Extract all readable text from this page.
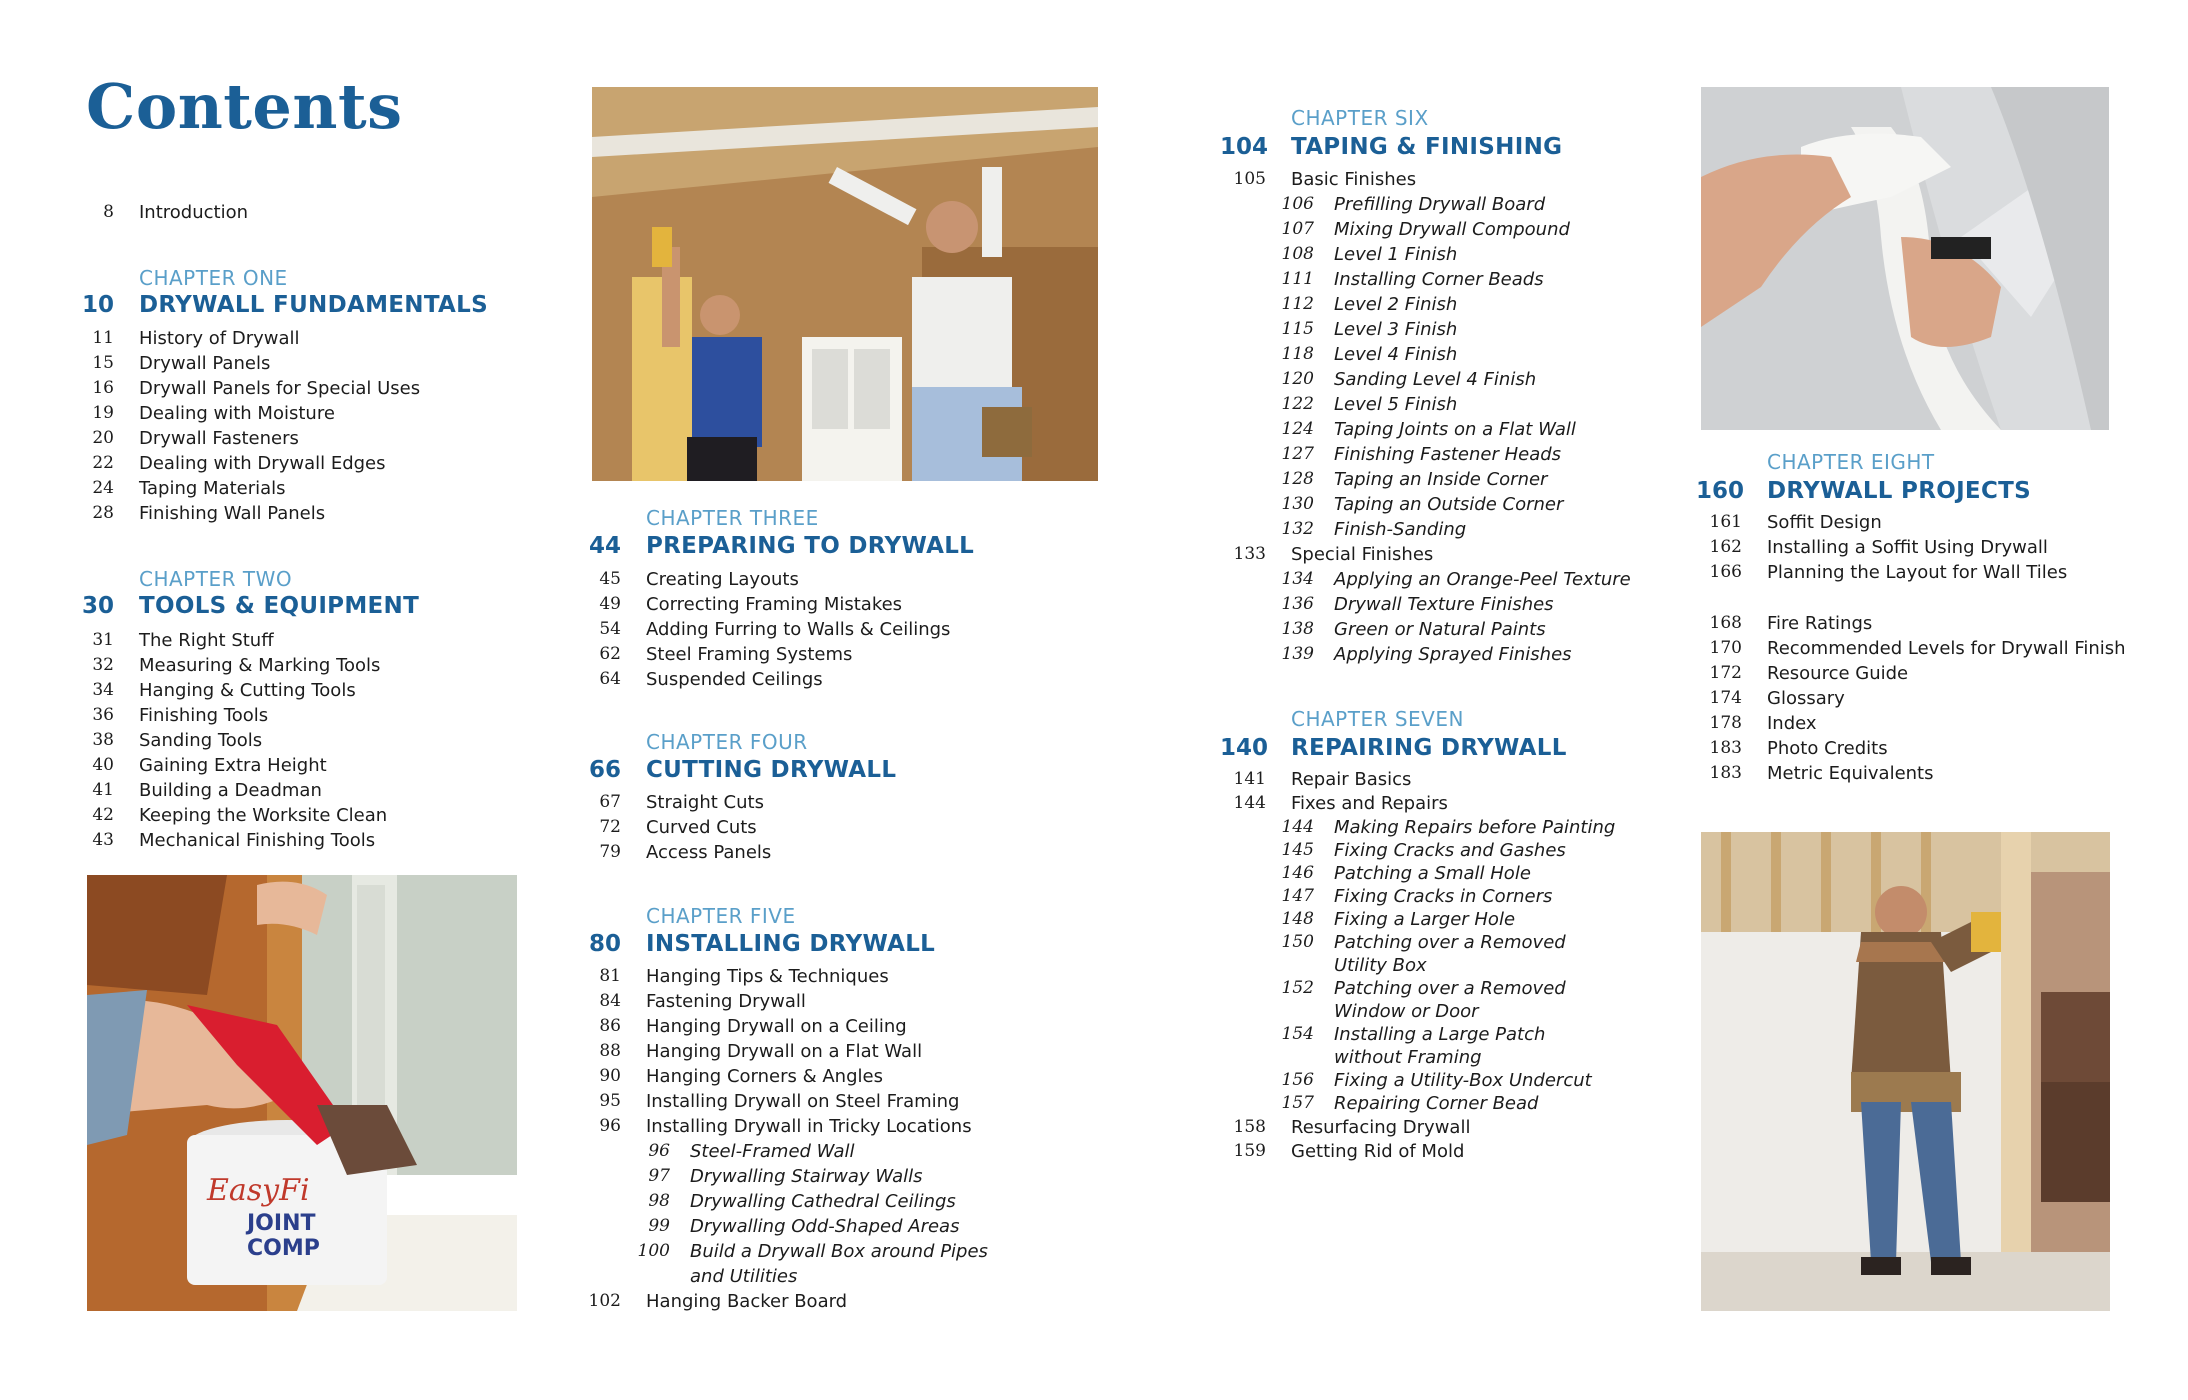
Contents
8 Introduction
CHAPTER ONE
10 DRYWALL FUNDAMENTALS
11 History of Drywall
15 Drywall Panels
16 Drywall Panels for Special Uses
19 Dealing with Moisture
20 Drywall Fasteners
22 Dealing with Drywall Edges
24 Taping Materials
28 Finishing Wall Panels
CHAPTER TWO
30 TOOLS & EQUIPMENT
31 The Right Stuff
32 Measuring & Marking Tools
34 Hanging & Cutting Tools
36 Finishing Tools
38 Sanding Tools
40 Gaining Extra Height
41 Building a Deadman
42 Keeping the Worksite Clean
43 Mechanical Finishing Tools
EasyFi
JOINT
COMP
CHAPTER THREE
44 PREPARING TO DRYWALL
45 Creating Layouts
49 Correcting Framing Mistakes
54 Adding Furring to Walls & Ceilings
62 Steel Framing Systems
64 Suspended Ceilings
CHAPTER FOUR
66 CUTTING DRYWALL
67 Straight Cuts
72 Curved Cuts
79 Access Panels
CHAPTER FIVE
80 INSTALLING DRYWALL
81 Hanging Tips & Techniques
84 Fastening Drywall
86 Hanging Drywall on a Ceiling
88 Hanging Drywall on a Flat Wall
90 Hanging Corners & Angles
95 Installing Drywall on Steel Framing
96 Installing Drywall in Tricky Locations
96 Steel-Framed Wall
97 Drywalling Stairway Walls
98 Drywalling Cathedral Ceilings
99 Drywalling Odd-Shaped Areas
100 Build a Drywall Box around Pipes
and Utilities
102 Hanging Backer Board
CHAPTER SIX
104 TAPING & FINISHING
105 Basic Finishes
106 Prefilling Drywall Board
107 Mixing Drywall Compound
108 Level 1 Finish
111 Installing Corner Beads
112 Level 2 Finish
115 Level 3 Finish
118 Level 4 Finish
120 Sanding Level 4 Finish
122 Level 5 Finish
124 Taping Joints on a Flat Wall
127 Finishing Fastener Heads
128 Taping an Inside Corner
130 Taping an Outside Corner
132 Finish-Sanding
133 Special Finishes
134 Applying an Orange-Peel Texture
136 Drywall Texture Finishes
138 Green or Natural Paints
139 Applying Sprayed Finishes
CHAPTER SEVEN
140 REPAIRING DRYWALL
141 Repair Basics
144 Fixes and Repairs
144 Making Repairs before Painting
145 Fixing Cracks and Gashes
146 Patching a Small Hole
147 Fixing Cracks in Corners
148 Fixing a Larger Hole
150 Patching over a Removed
Utility Box
152 Patching over a Removed
Window or Door
154 Installing a Large Patch
without Framing
156 Fixing a Utility-Box Undercut
157 Repairing Corner Bead
158 Resurfacing Drywall
159 Getting Rid of Mold
CHAPTER EIGHT
160 DRYWALL PROJECTS
161 Soffit Design
162 Installing a Soffit Using Drywall
166 Planning the Layout for Wall Tiles
168 Fire Ratings
170 Recommended Levels for Drywall Finish
172 Resource Guide
174 Glossary
178 Index
183 Photo Credits
183 Metric Equivalents
